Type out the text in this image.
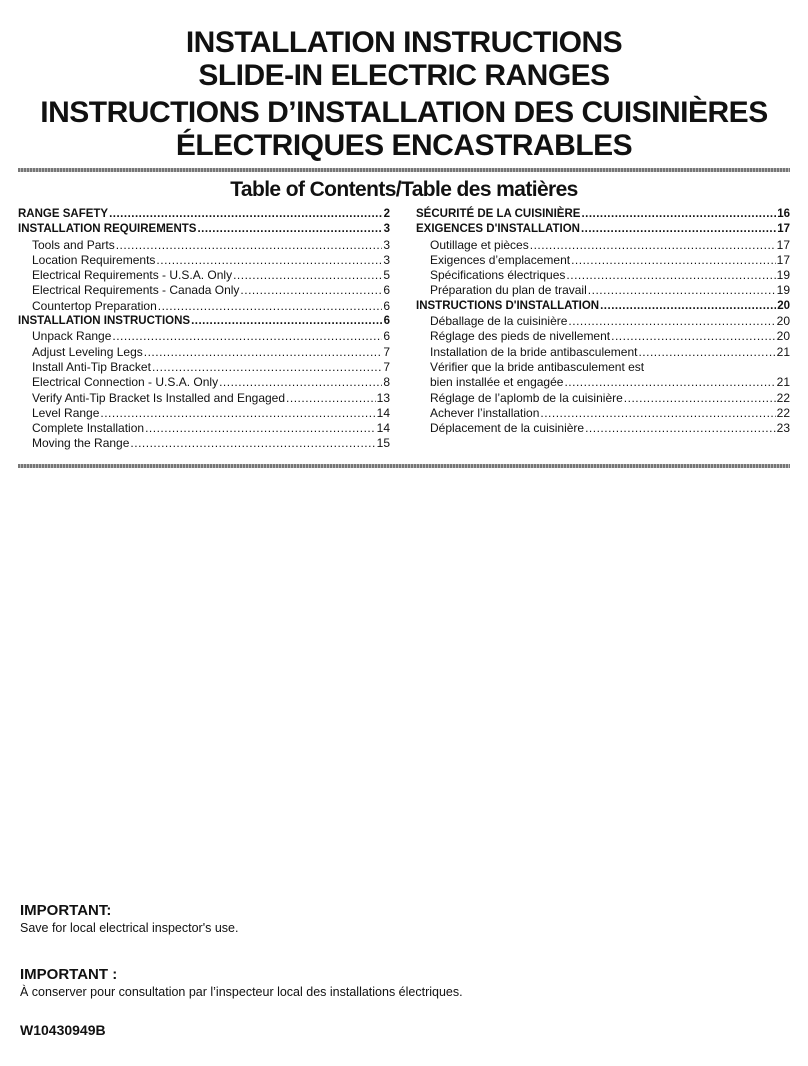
INSTALLATION INSTRUCTIONS
SLIDE-IN ELECTRIC RANGES
INSTRUCTIONS D’INSTALLATION DES CUISINIÈRES
ÉLECTRIQUES ENCASTRABLES
Table of Contents/Table des matières
RANGE SAFETY .....	2
INSTALLATION REQUIREMENTS .....	3
Tools and Parts .....	3
Location Requirements .....	3
Electrical Requirements - U.S.A. Only .....	5
Electrical Requirements - Canada Only .....	6
Countertop Preparation .....	6
INSTALLATION INSTRUCTIONS .....	6
Unpack Range .....	6
Adjust Leveling Legs .....	7
Install Anti-Tip Bracket .....	7
Electrical Connection - U.S.A. Only .....	8
Verify Anti-Tip Bracket Is Installed and Engaged .....	13
Level Range .....	14
Complete Installation .....	14
Moving the Range .....	15
SÉCURITÉ DE LA CUISINIÈRE .....	16
EXIGENCES D'INSTALLATION .....	17
Outillage et pièces .....	17
Exigences d’emplacement .....	17
Spécifications électriques .....	19
Préparation du plan de travail .....	19
INSTRUCTIONS D'INSTALLATION .....	20
Déballage de la cuisinière .....	20
Réglage des pieds de nivellement .....	20
Installation de la bride antibasculement .....	21
Vérifier que la bride antibasculement est
bien installée et engagée .....	21
Réglage de l’aplomb de la cuisinière .....	22
Achever l’installation .....	22
Déplacement de la cuisinière .....	23
IMPORTANT:
Save for local electrical inspector's use.
IMPORTANT :
À conserver pour consultation par l’inspecteur local des installations électriques.
W10430949B
